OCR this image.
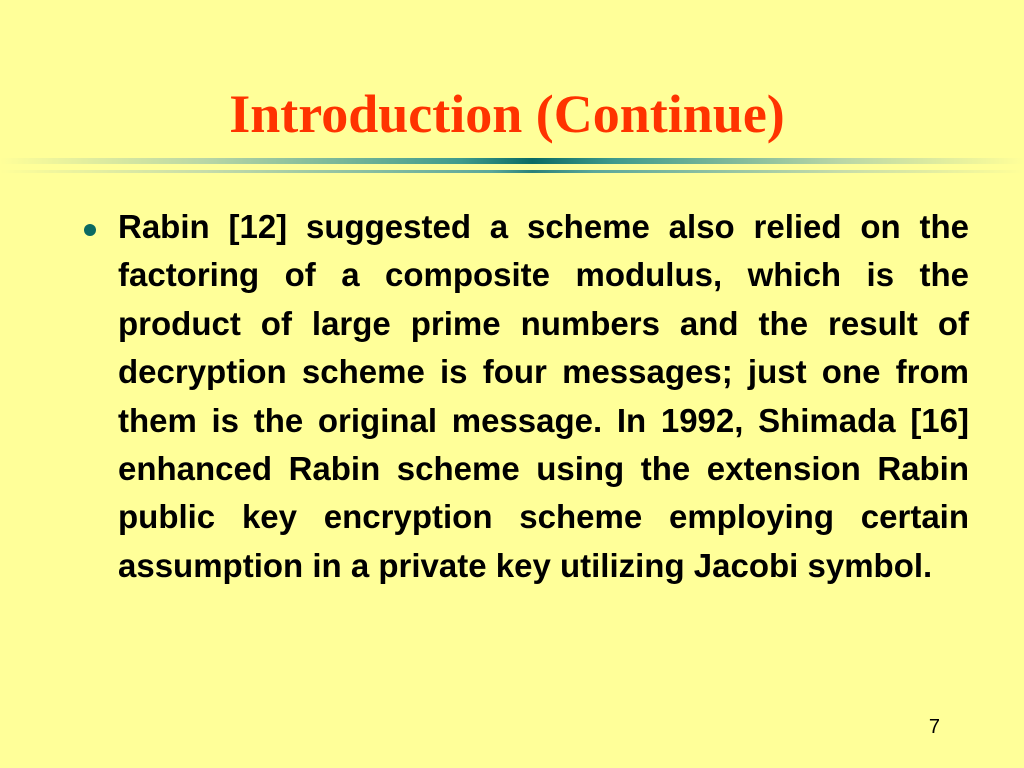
Introduction (Continue)

Rabin [12] suggested a scheme also relied on the factoring of a composite modulus, which is the product of large prime numbers and the result of decryption scheme is four messages; just one from them is the original message. In 1992, Shimada [16] enhanced Rabin scheme using the extension Rabin public key encryption scheme employing certain assumption in a private key utilizing Jacobi symbol.

7
